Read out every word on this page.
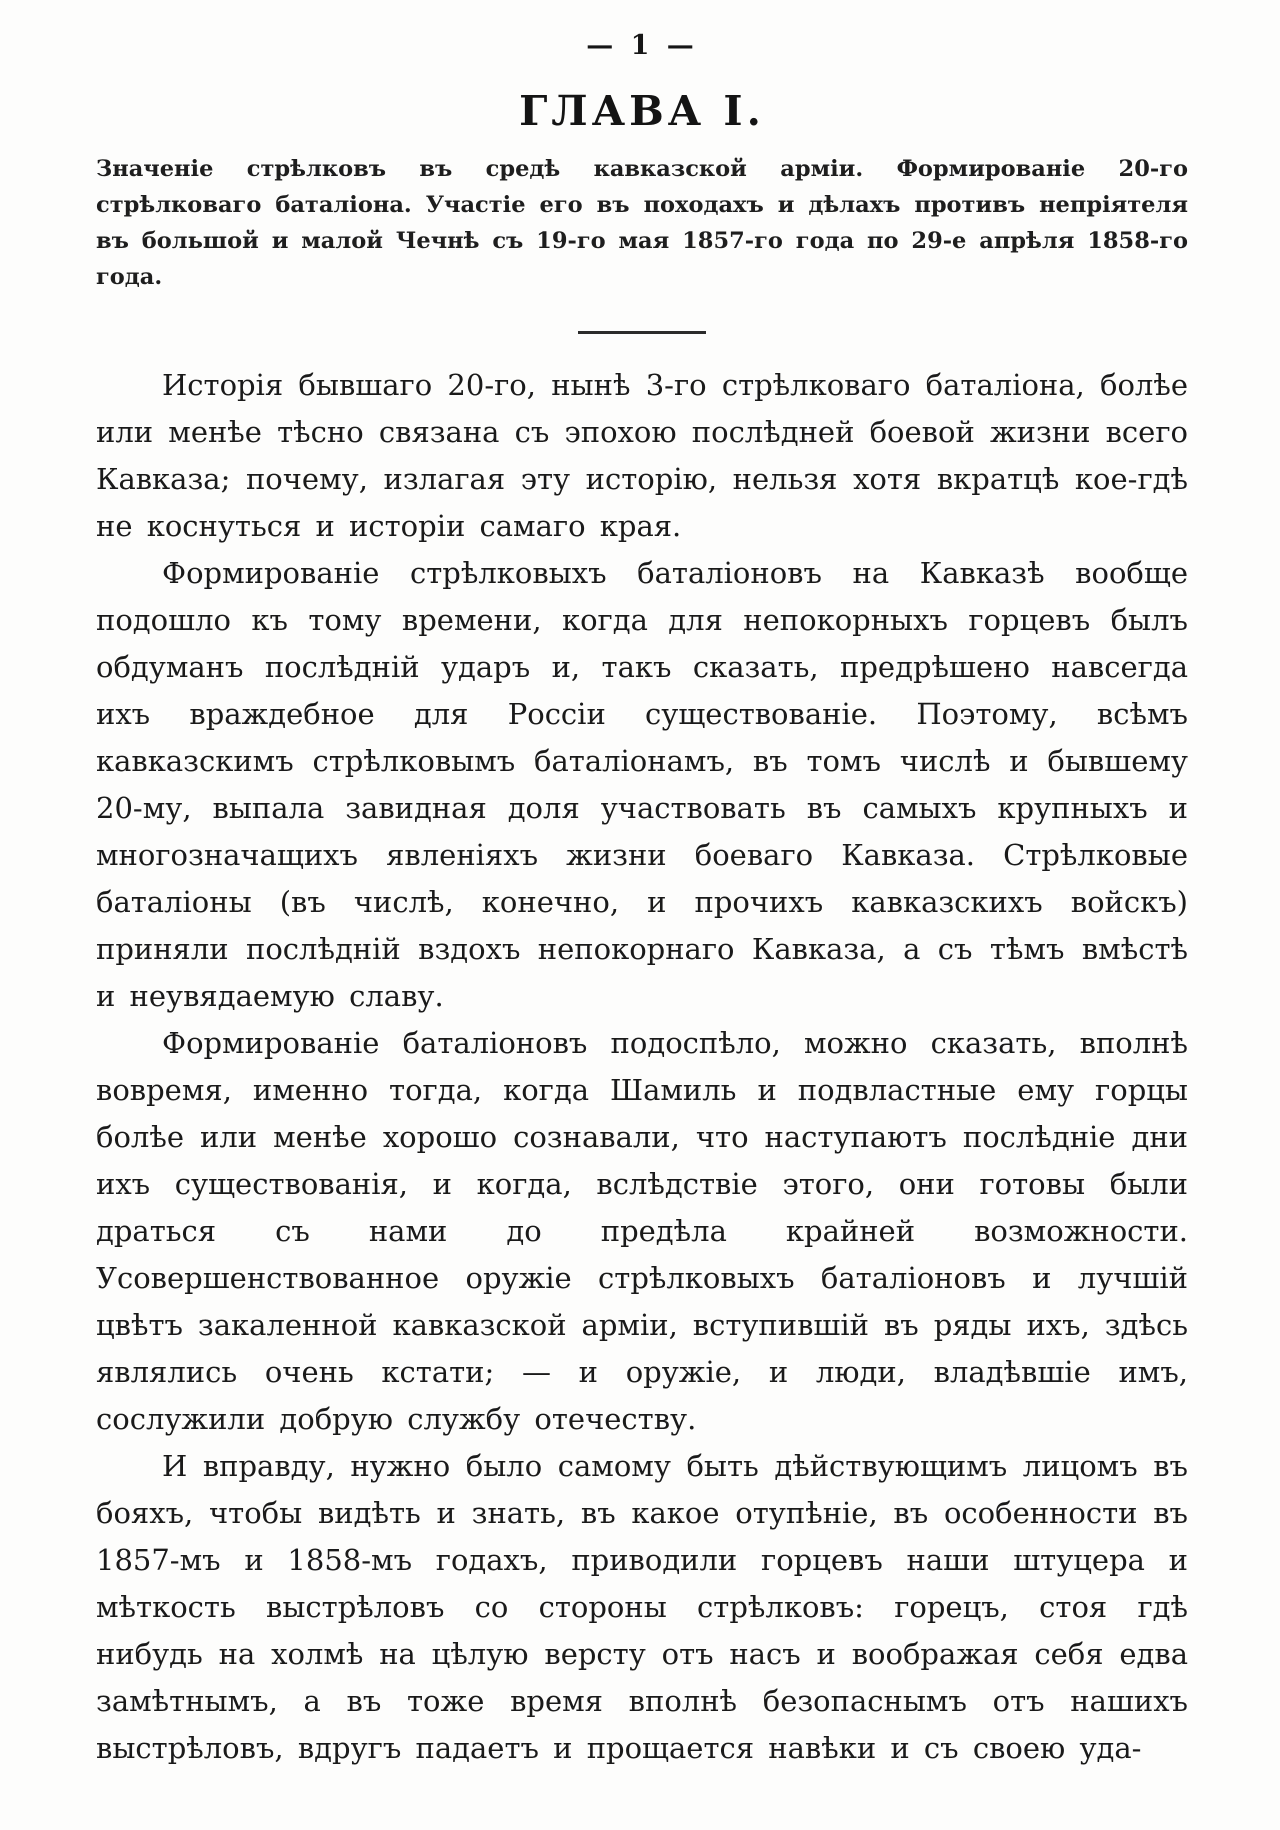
— 1 —
ГЛАВА I.

Значеніе стрѣлковъ въ средѣ кавказской арміи. Формированіе 20-го стрѣлковаго баталіона. Участіе его въ походахъ и дѣлахъ противъ непріятеля въ большой и малой Чечнѣ съ 19-го мая 1857-го года по 29-е апрѣля 1858-го года.

Исторія бывшаго 20-го, нынѣ 3-го стрѣлковаго баталіона, болѣе или менѣе тѣсно связана съ эпохою послѣдней боевой жизни всего Кавказа; почему, излагая эту исторію, нельзя хотя вкратцѣ кое-гдѣ не коснуться и исторіи самаго края.

Формированіе стрѣлковыхъ баталіоновъ на Кавказѣ вообще подошло къ тому времени, когда для непокорныхъ горцевъ былъ обдуманъ послѣдній ударъ и, такъ сказать, предрѣшено навсегда ихъ враждебное для Россіи существованіе. Поэтому, всѣмъ кавказскимъ стрѣлковымъ баталіонамъ, въ томъ числѣ и бывшему 20-му, выпала завидная доля участвовать въ самыхъ крупныхъ и многозначащихъ явленіяхъ жизни боеваго Кавказа. Стрѣлковые баталіоны (въ числѣ, конечно, и прочихъ кавказскихъ войскъ) приняли послѣдній вздохъ непокорнаго Кавказа, а съ тѣмъ вмѣстѣ и неувядаемую славу.

Формированіе баталіоновъ подоспѣло, можно сказать, вполнѣ вовремя, именно тогда, когда Шамиль и подвластные ему горцы болѣе или менѣе хорошо сознавали, что наступаютъ послѣдніе дни ихъ существованія, и когда, вслѣдствіе этого, они готовы были драться съ нами до предѣла крайней возможности. Усовершенствованное оружіе стрѣлковыхъ баталіоновъ и лучшій цвѣтъ закаленной кавказской арміи, вступившій въ ряды ихъ, здѣсь являлись очень кстати; — и оружіе, и люди, владѣвшіе имъ, сослужили добрую службу отечеству.

И вправду, нужно было самому быть дѣйствующимъ лицомъ въ бояхъ, чтобы видѣть и знать, въ какое отупѣніе, въ особенности въ 1857-мъ и 1858-мъ годахъ, приводили горцевъ наши штуцера и мѣткость выстрѣловъ со стороны стрѣлковъ: горецъ, стоя гдѣ нибудь на холмѣ на цѣлую версту отъ насъ и воображая себя едва замѣтнымъ, а въ тоже время вполнѣ безопаснымъ отъ нашихъ выстрѣловъ, вдругъ падаетъ и прощается навѣки и съ своею уда-
